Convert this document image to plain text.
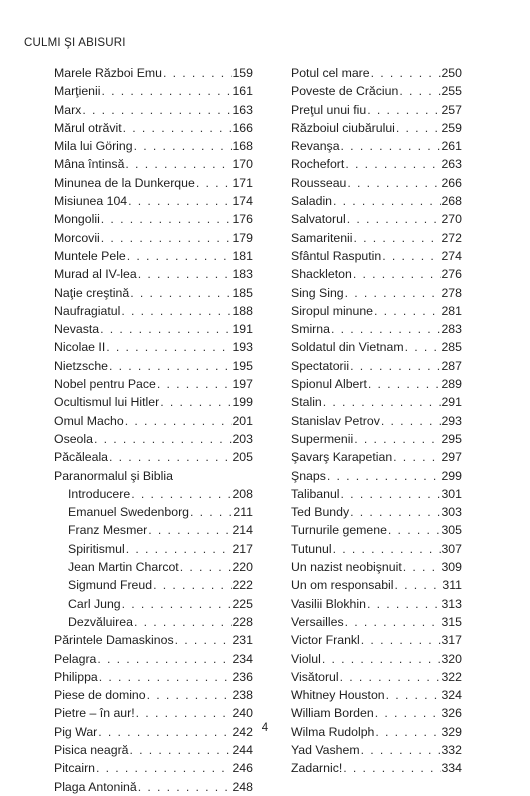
CULMI ŞI ABISURI
Marele Război Emu . . .	159
Marţienii . . .	161
Marx . . .	163
Mărul otrăvit . . .	166
Mila lui Göring . . .	168
Mâna întinsă . . .	170
Minunea de la Dunkerque . . .	171
Misiunea 104 . . .	174
Mongolii . . .	176
Morcovii . . .	179
Muntele Pele . . .	181
Murad al IV-lea . . .	183
Naţie creştină . . .	185
Naufragiatul . . .	188
Nevasta . . .	191
Nicolae II . . .	193
Nietzsche . . .	195
Nobel pentru Pace . . .	197
Ocultismul lui Hitler . . .	199
Omul Macho . . .	201
Oseola . . .	203
Păcăleala . . .	205
Paranormalul şi Biblia
Introducere . . .	208
Emanuel Swedenborg . . .	211
Franz Mesmer . . .	214
Spiritismul . . .	217
Jean Martin Charcot . . .	220
Sigmund Freud . . .	222
Carl Jung . . .	225
Dezvăluirea . . .	228
Părintele Damaskinos . . .	231
Pelagra . . .	234
Philippa . . .	236
Piese de domino . . .	238
Pietre – în aur! . . .	240
Pig War . . .	242
Pisica neagră . . .	244
Pitcairn . . .	246
Plaga Antonină . . .	248
Potul cel mare . . .	250
Poveste de Crăciun . . .	255
Preţul unui fiu . . .	257
Războiul ciubărului . . .	259
Revanşa . . .	261
Rochefort . . .	263
Rousseau . . .	266
Saladin . . .	268
Salvatorul . . .	270
Samaritenii . . .	272
Sfântul Rasputin . . .	274
Shackleton . . .	276
Sing Sing . . .	278
Siropul minune . . .	281
Smirna . . .	283
Soldatul din Vietnam . . .	285
Spectatorii . . .	287
Spionul Albert . . .	289
Stalin . . .	291
Stanislav Petrov . . .	293
Supermenii . . .	295
Şavarş Karapetian . . .	297
Şnaps . . .	299
Talibanul . . .	301
Ted Bundy . . .	303
Turnurile gemene . . .	305
Tutunul . . .	307
Un nazist neobişnuit . . .	309
Un om responsabil . . .	311
Vasilii Blokhin . . .	313
Versailles . . .	315
Victor Frankl . . .	317
Violul . . .	320
Visătorul . . .	322
Whitney Houston . . .	324
William Borden . . .	326
Wilma Rudolph . . .	329
Yad Vashem . . .	332
Zadarnic! . . .	334
4
